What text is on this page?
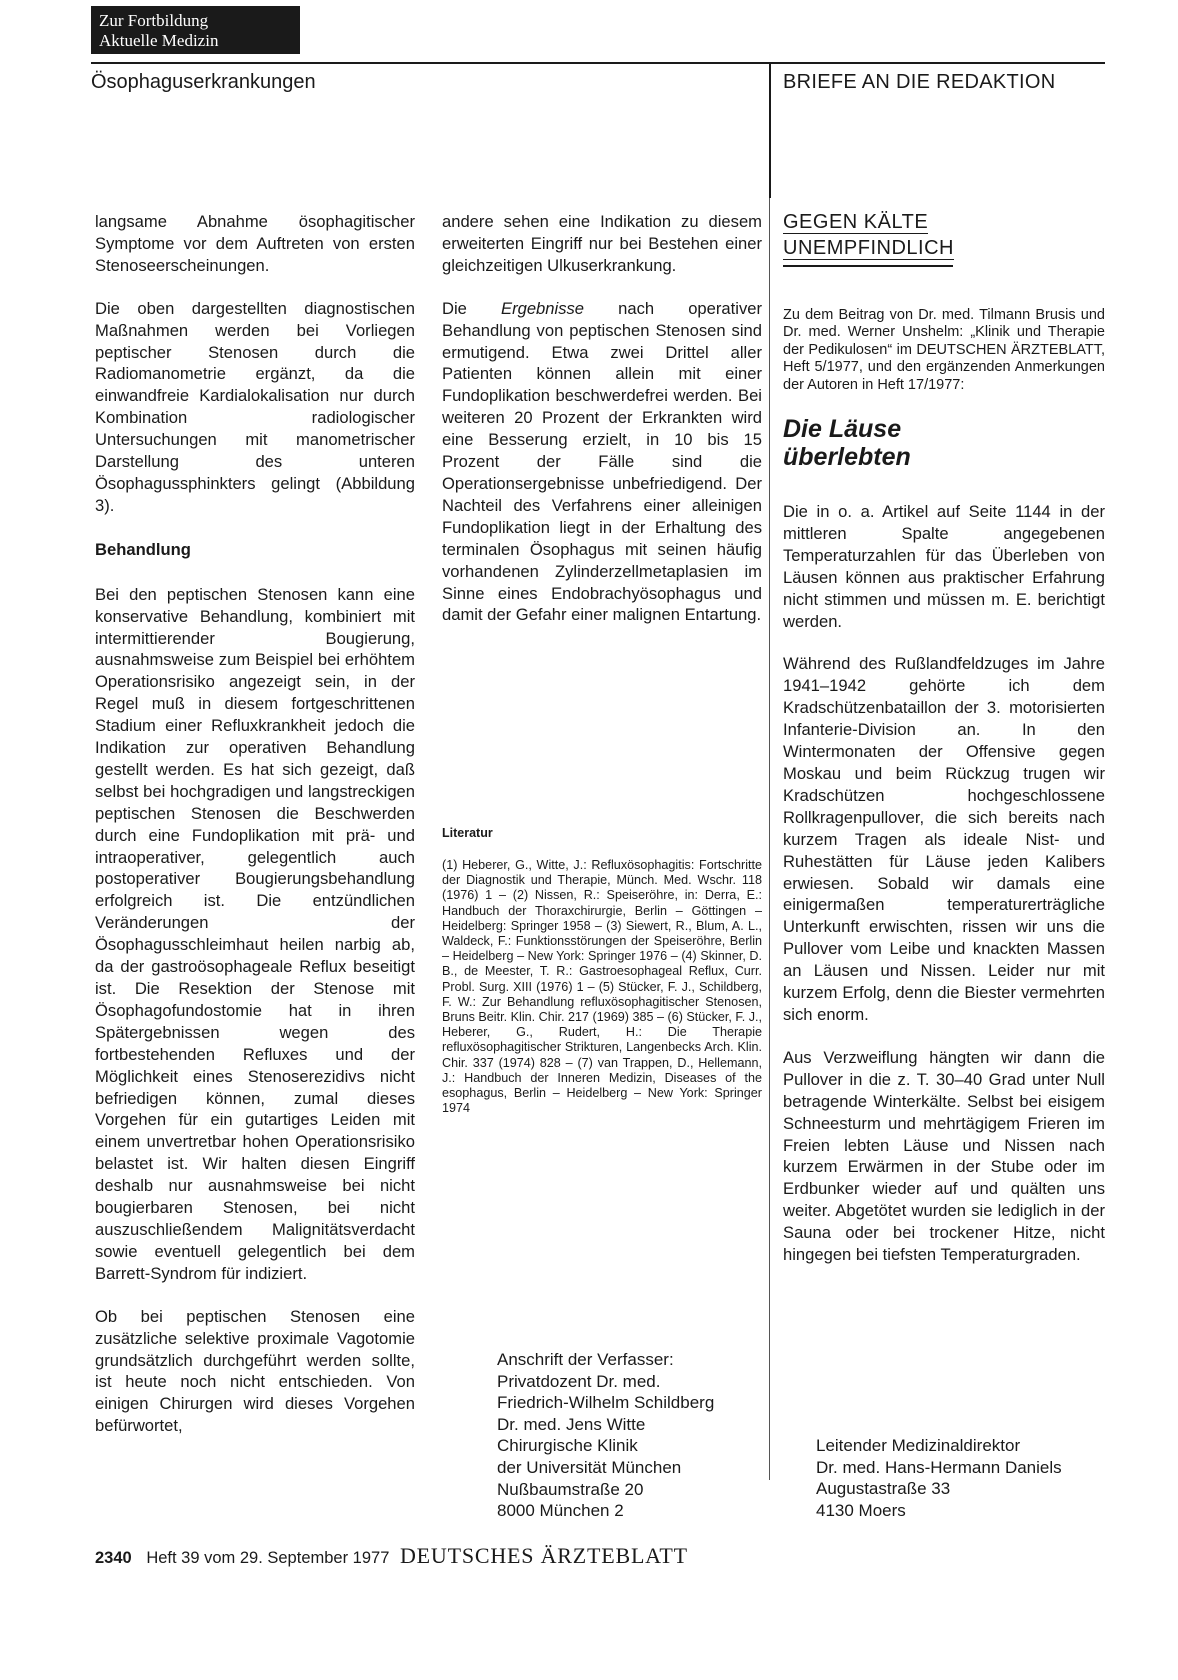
Zur Fortbildung
Aktuelle Medizin
Ösophaguserkrankungen	BRIEFE AN DIE REDAKTION

langsame Abnahme ösophagitischer Symptome vor dem Auftreten von ersten Stenoseerscheinungen.

Die oben dargestellten diagnostischen Maßnahmen werden bei Vorliegen peptischer Stenosen durch die Radiomanometrie ergänzt, da die einwandfreie Kardialokalisation nur durch Kombination radiologischer Untersuchungen mit manometrischer Darstellung des unteren Ösophagussphinkters gelingt (Abbildung 3).

Behandlung

Bei den peptischen Stenosen kann eine konservative Behandlung, kombiniert mit intermittierender Bougierung, ausnahmsweise zum Beispiel bei erhöhtem Operationsrisiko angezeigt sein, in der Regel muß in diesem fortgeschrittenen Stadium einer Refluxkrankheit jedoch die Indikation zur operativen Behandlung gestellt werden. Es hat sich gezeigt, daß selbst bei hochgradigen und langstreckigen peptischen Stenosen die Beschwerden durch eine Fundoplikation mit prä- und intraoperativer, gelegentlich auch postoperativer Bougierungsbehandlung erfolgreich ist. Die entzündlichen Veränderungen der Ösophagusschleimhaut heilen narbig ab, da der gastroösophageale Reflux beseitigt ist. Die Resektion der Stenose mit Ösophagofundostomie hat in ihren Spätergebnissen wegen des fortbestehenden Refluxes und der Möglichkeit eines Stenoserezidivs nicht befriedigen können, zumal dieses Vorgehen für ein gutartiges Leiden mit einem unvertretbar hohen Operationsrisiko belastet ist. Wir halten diesen Eingriff deshalb nur ausnahmsweise bei nicht bougierbaren Stenosen, bei nicht auszuschließendem Malignitätsverdacht sowie eventuell gelegentlich bei dem Barrett-Syndrom für indiziert.

Ob bei peptischen Stenosen eine zusätzliche selektive proximale Vagotomie grundsätzlich durchgeführt werden sollte, ist heute noch nicht entschieden. Von einigen Chirurgen wird dieses Vorgehen befürwortet,

andere sehen eine Indikation zu diesem erweiterten Eingriff nur bei Bestehen einer gleichzeitigen Ulkuserkrankung.

Die Ergebnisse nach operativer Behandlung von peptischen Stenosen sind ermutigend. Etwa zwei Drittel aller Patienten können allein mit einer Fundoplikation beschwerdefrei werden. Bei weiteren 20 Prozent der Erkrankten wird eine Besserung erzielt, in 10 bis 15 Prozent der Fälle sind die Operationsergebnisse unbefriedigend. Der Nachteil des Verfahrens einer alleinigen Fundoplikation liegt in der Erhaltung des terminalen Ösophagus mit seinen häufig vorhandenen Zylinderzellmetaplasien im Sinne eines Endobrachyösophagus und damit der Gefahr einer malignen Entartung.

Literatur
(1) Heberer, G., Witte, J.: Refluxösophagitis: Fortschritte der Diagnostik und Therapie, Münch. Med. Wschr. 118 (1976) 1 – (2) Nissen, R.: Speiseröhre, in: Derra, E.: Handbuch der Thoraxchirurgie, Berlin – Göttingen – Heidelberg: Springer 1958 – (3) Siewert, R., Blum, A. L., Waldeck, F.: Funktionsstörungen der Speiseröhre, Berlin – Heidelberg – New York: Springer 1976 – (4) Skinner, D. B., de Meester, T. R.: Gastroesophageal Reflux, Curr. Probl. Surg. XIII (1976) 1 – (5) Stücker, F. J., Schildberg, F. W.: Zur Behandlung refluxösophagitischer Stenosen, Bruns Beitr. Klin. Chir. 217 (1969) 385 – (6) Stücker, F. J., Heberer, G., Rudert, H.: Die Therapie refluxösophagitischer Strikturen, Langenbecks Arch. Klin. Chir. 337 (1974) 828 – (7) van Trappen, D., Hellemann, J.: Handbuch der Inneren Medizin, Diseases of the esophagus, Berlin – Heidelberg – New York: Springer 1974
Anschrift der Verfasser:
Privatdozent Dr. med.
Friedrich-Wilhelm Schildberg
Dr. med. Jens Witte
Chirurgische Klinik
der Universität München
Nußbaumstraße 20
8000 München 2
GEGEN KÄLTE
UNEMPFINDLICH

Zu dem Beitrag von Dr. med. Tilmann Brusis und Dr. med. Werner Unshelm: „Klinik und Therapie der Pedikulosen“ im DEUTSCHEN ÄRZTEBLATT, Heft 5/1977, und den ergänzenden Anmerkungen der Autoren in Heft 17/1977:

Die Läuse
überlebten

Die in o. a. Artikel auf Seite 1144 in der mittleren Spalte angegebenen Temperaturzahlen für das Überleben von Läusen können aus praktischer Erfahrung nicht stimmen und müssen m. E. berichtigt werden.

Während des Rußlandfeldzuges im Jahre 1941–1942 gehörte ich dem Kradschützenbataillon der 3. motorisierten Infanterie-Division an. In den Wintermonaten der Offensive gegen Moskau und beim Rückzug trugen wir Kradschützen hochgeschlossene Rollkragenpullover, die sich bereits nach kurzem Tragen als ideale Nist- und Ruhestätten für Läuse jeden Kalibers erwiesen. Sobald wir damals eine einigermaßen temperaturerträgliche Unterkunft erwischten, rissen wir uns die Pullover vom Leibe und knackten Massen an Läusen und Nissen. Leider nur mit kurzem Erfolg, denn die Biester vermehrten sich enorm.

Aus Verzweiflung hängten wir dann die Pullover in die z. T. 30–40 Grad unter Null betragende Winterkälte. Selbst bei eisigem Schneesturm und mehrtägigem Frieren im Freien lebten Läuse und Nissen nach kurzem Erwärmen in der Stube oder im Erdbunker wieder auf und quälten uns weiter. Abgetötet wurden sie lediglich in der Sauna oder bei trockener Hitze, nicht hingegen bei tiefsten Temperaturgraden.

Leitender Medizinaldirektor
Dr. med. Hans-Hermann Daniels
Augustastraße 33
4130 Moers
2340 Heft 39 vom 29. September 1977 DEUTSCHES ÄRZTEBLATT
